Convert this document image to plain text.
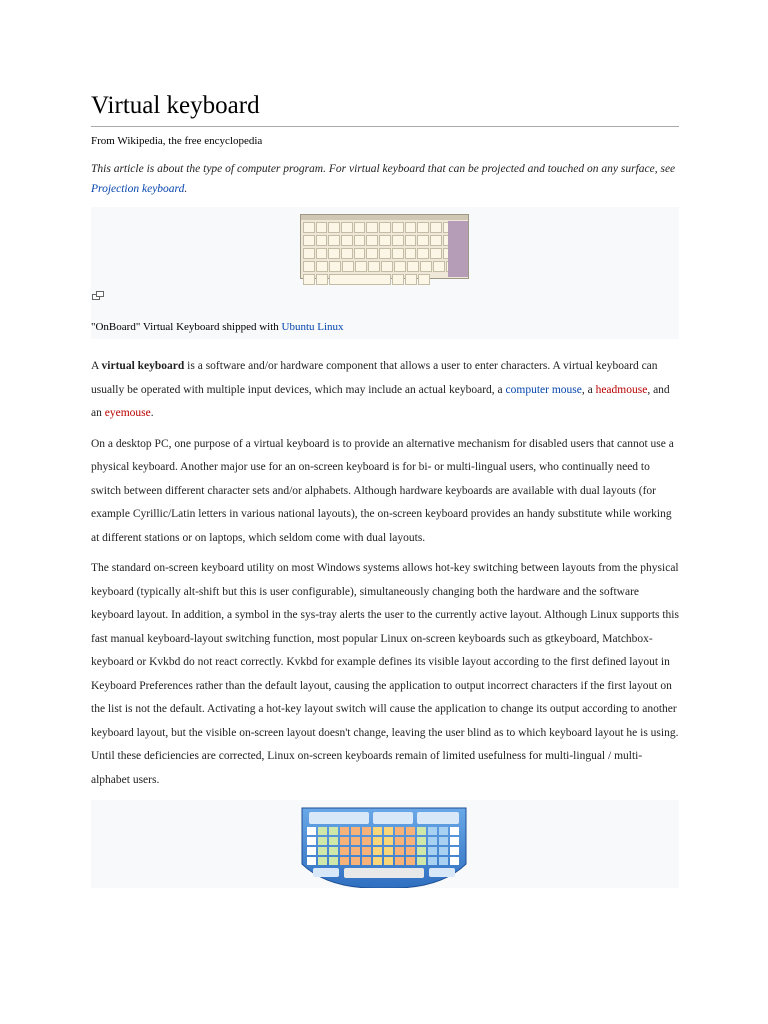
Virtual keyboard
From Wikipedia, the free encyclopedia
This article is about the type of computer program. For virtual keyboard that can be projected and touched on any surface, see Projection keyboard.
"OnBoard" Virtual Keyboard shipped with Ubuntu Linux

A virtual keyboard is a software and/or hardware component that allows a user to enter characters. A virtual keyboard can usually be operated with multiple input devices, which may include an actual keyboard, a computer mouse, a headmouse, and an eyemouse.

On a desktop PC, one purpose of a virtual keyboard is to provide an alternative mechanism for disabled users that cannot use a physical keyboard. Another major use for an on-screen keyboard is for bi- or multi-lingual users, who continually need to switch between different character sets and/or alphabets. Although hardware keyboards are available with dual layouts (for example Cyrillic/Latin letters in various national layouts), the on-screen keyboard provides an handy substitute while working at different stations or on laptops, which seldom come with dual layouts.

The standard on-screen keyboard utility on most Windows systems allows hot-key switching between layouts from the physical keyboard (typically alt-shift but this is user configurable), simultaneously changing both the hardware and the software keyboard layout. In addition, a symbol in the sys-tray alerts the user to the currently active layout. Although Linux supports this fast manual keyboard-layout switching function, most popular Linux on-screen keyboards such as gtkeyboard, Matchbox-keyboard or Kvkbd do not react correctly. Kvkbd for example defines its visible layout according to the first defined layout in Keyboard Preferences rather than the default layout, causing the application to output incorrect characters if the first layout on the list is not the default. Activating a hot-key layout switch will cause the application to change its output according to another keyboard layout, but the visible on-screen layout doesn't change, leaving the user blind as to which keyboard layout he is using. Until these deficiencies are corrected, Linux on-screen keyboards remain of limited usefulness for multi-lingual / multi-alphabet users.
